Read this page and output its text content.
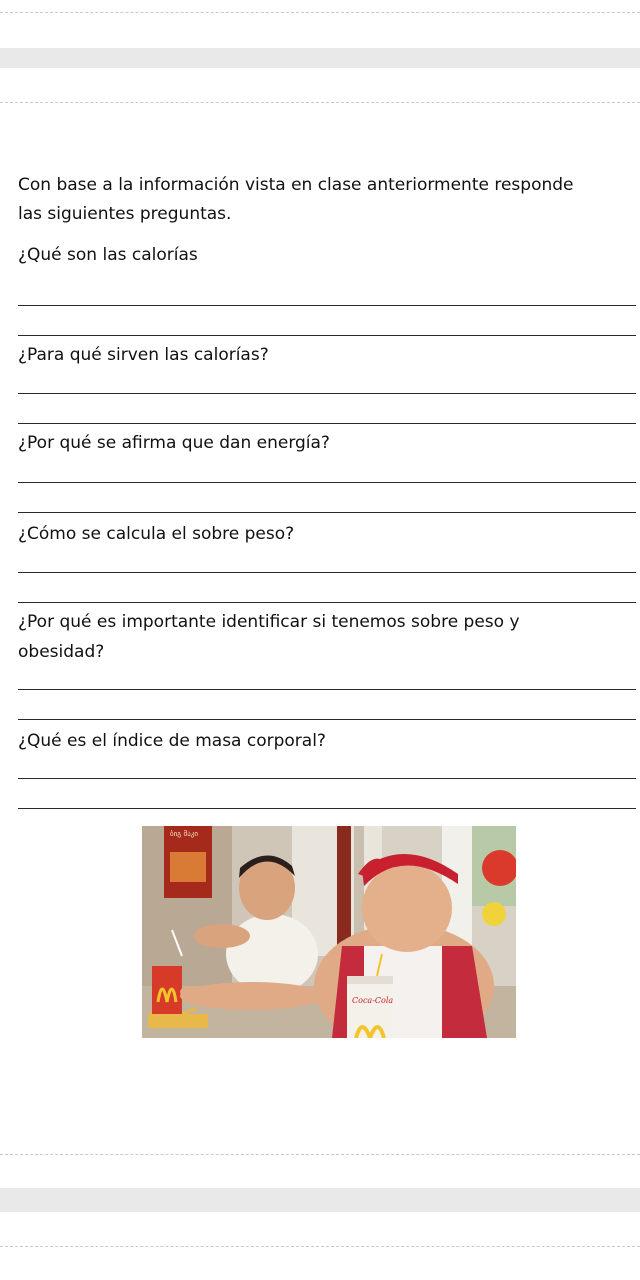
Con base a la información vista en clase anteriormente responde
las siguientes preguntas.
¿Qué son las calorías
¿Para qué sirven las calorías?
¿Por qué se afirma que dan energía?
¿Cómo se calcula el sobre peso?
¿Por qué es importante identificar si tenemos sobre peso y
obesidad?
¿Qué es el índice de masa corporal?
ბიგ მაკი
Coca-Cola
